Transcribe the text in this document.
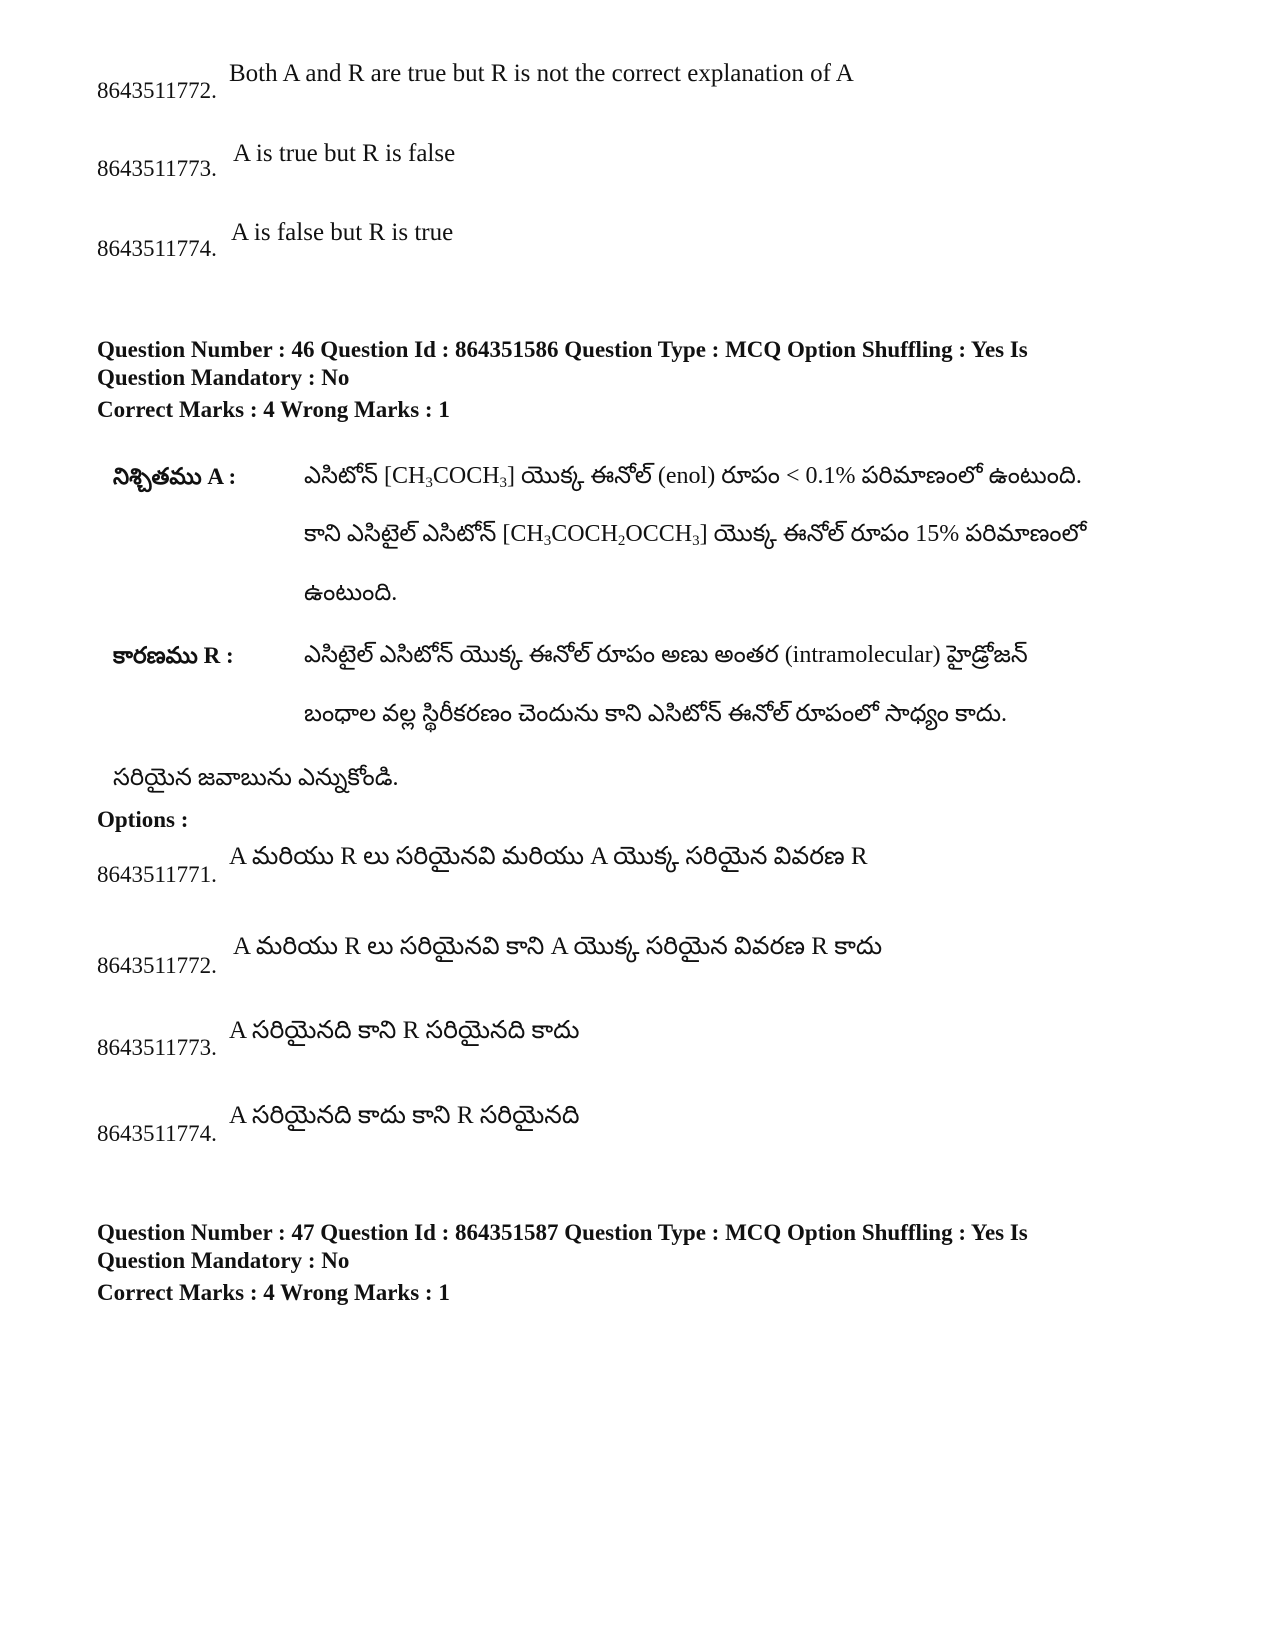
8643511772.
Both A and R are true but R is not the correct explanation of A
8643511773.
A is true but R is false
8643511774.
A is false but R is true
Question Number : 46 Question Id : 864351586 Question Type : MCQ Option Shuffling : Yes Is
Question Mandatory : No
Correct Marks : 4 Wrong Marks : 1
నిశ్చితము A :	ఎసిటోన్ $[CH_3COCH_3]$ యొక్క ఈనోల్ (enol) రూపం < 0.1% పరిమాణంలో ఉంటుంది.
కాని ఎసిటైల్ ఎసిటోన్ $[CH_3COCH_2OCCH_3]$ యొక్క ఈనోల్ రూపం 15% పరిమాణంలో
ఉంటుంది.
కారణము R :	ఎసిటైల్ ఎసిటోన్ యొక్క ఈనోల్ రూపం అణు అంతర (intramolecular) హైడ్రోజన్
బంధాల వల్ల స్థిరీకరణం చెందును కాని ఎసిటోన్ ఈనోల్ రూపంలో సాధ్యం కాదు.
సరియైన జవాబును ఎన్నుకోండి.
Options :
8643511771.
A మరియు R లు సరియైనవి మరియు A యొక్క సరియైన వివరణ R
8643511772.
A మరియు R లు సరియైనవి కాని A యొక్క సరియైన వివరణ R కాదు
8643511773.
A సరియైనది కాని R సరియైనది కాదు
8643511774.
A సరియైనది కాదు కాని R సరియైనది
Question Number : 47 Question Id : 864351587 Question Type : MCQ Option Shuffling : Yes Is
Question Mandatory : No
Correct Marks : 4 Wrong Marks : 1
